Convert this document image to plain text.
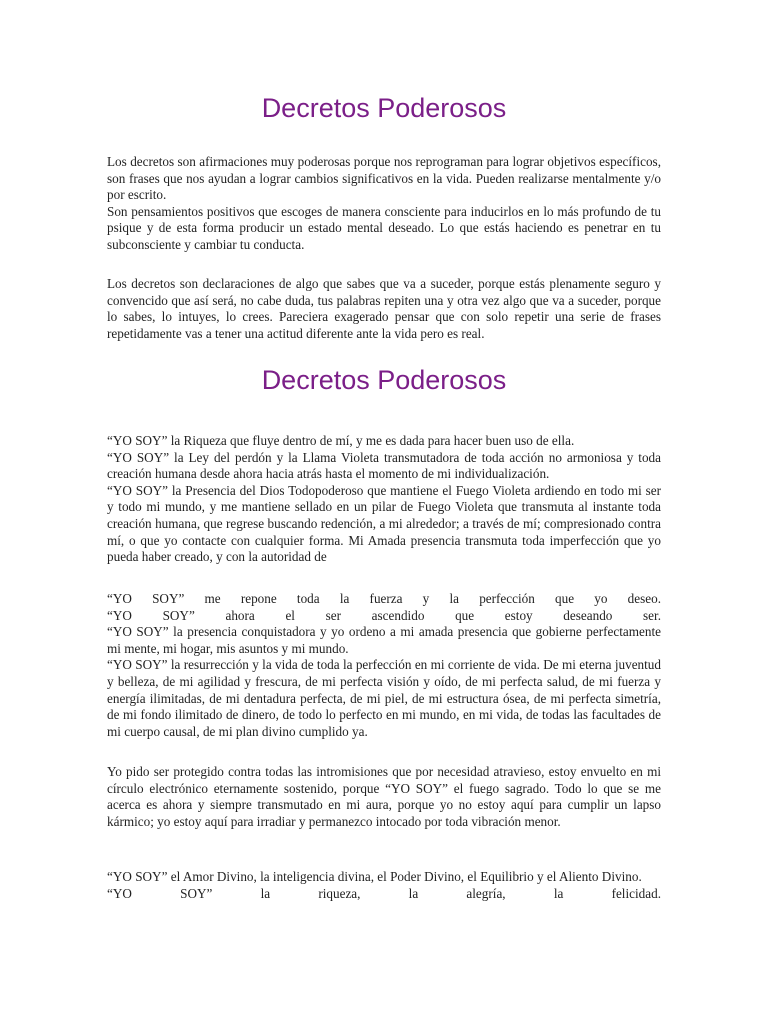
Decretos Poderosos

Los decretos son afirmaciones muy poderosas porque nos reprograman para lograr objetivos específicos, son frases que nos ayudan a lograr cambios significativos en la vida. Pueden realizarse mentalmente y/o por escrito.

Son pensamientos positivos que escoges de manera consciente para inducirlos en lo más profundo de tu psique y de esta forma producir un estado mental deseado. Lo que estás haciendo es penetrar en tu subconsciente y cambiar tu conducta.

Los decretos son declaraciones de algo que sabes que va a suceder, porque estás plenamente seguro y convencido que así será, no cabe duda, tus palabras repiten una y otra vez algo que va a suceder, porque lo sabes, lo intuyes, lo crees. Pareciera exagerado pensar que con solo repetir una serie de frases repetidamente vas a tener una actitud diferente ante la vida pero es real.

Decretos Poderosos

“YO SOY” la Riqueza que fluye dentro de mí, y me es dada para hacer buen uso de ella.

“YO SOY” la Ley del perdón y la Llama Violeta transmutadora de toda acción no armoniosa y toda creación humana desde ahora hacia atrás hasta el momento de mi individualización.

“YO SOY” la Presencia del Dios Todopoderoso que mantiene el Fuego Violeta ardiendo en todo mi ser y todo mi mundo, y me mantiene sellado en un pilar de Fuego Violeta que transmuta al instante toda creación humana, que regrese buscando redención, a mi alrededor; a través de mí; compresionado contra mí, o que yo contacte con cualquier forma. Mi Amada presencia transmuta toda imperfección que yo pueda haber creado, y con la autoridad de

“YO SOY” me repone toda la fuerza y la perfección que yo deseo.

“YO SOY” ahora el ser ascendido que estoy deseando ser.

“YO SOY” la presencia conquistadora y yo ordeno a mi amada presencia que gobierne perfectamente mi mente, mi hogar, mis asuntos y mi mundo.

“YO SOY” la resurrección y la vida de toda la perfección en mi corriente de vida. De mi eterna juventud y belleza, de mi agilidad y frescura, de mi perfecta visión y oído, de mi perfecta salud, de mi fuerza y energía ilimitadas, de mi dentadura perfecta, de mi piel, de mi estructura ósea, de mi perfecta simetría, de mi fondo ilimitado de dinero, de todo lo perfecto en mi mundo, en mi vida, de todas las facultades de mi cuerpo causal, de mi plan divino cumplido ya.

Yo pido ser protegido contra todas las intromisiones que por necesidad atravieso, estoy envuelto en mi círculo electrónico eternamente sostenido, porque “YO SOY” el fuego sagrado. Todo lo que se me acerca es ahora y siempre transmutado en mi aura, porque yo no estoy aquí para cumplir un lapso kármico; yo estoy aquí para irradiar y permanezco intocado por toda vibración menor.

“YO SOY” el Amor Divino, la inteligencia divina, el Poder Divino, el Equilibrio y el Aliento Divino.

“YO SOY” la riqueza, la alegría, la felicidad.
